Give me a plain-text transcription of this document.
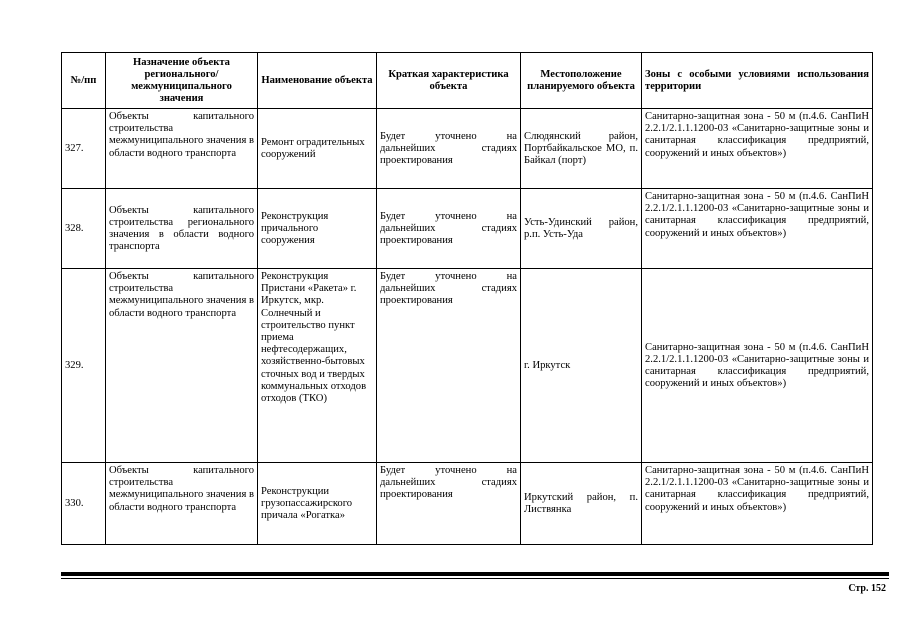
№/пп	Назначение объекта регионального/ межмуниципального значения	Наименование объекта	Краткая характеристика объекта	Местоположение планируемого объекта	Зоны с особыми условиями использования территории
327.	Объекты капитального строительства межмуниципального значения в области водного транспорта	Ремонт оградительных сооружений	Будет уточнено на дальнейших стадиях проектирования	Слюдянский район, Портбайкальское МО, п. Байкал (порт)	Санитарно-защитная зона - 50 м (п.4.6. СанПиН 2.2.1/2.1.1.1200-03 «Санитарно-защитные зоны и санитарная классификация предприятий, сооружений и иных объектов»)
328.	Объекты капитального строительства регионального значения в области водного транспорта	Реконструкция причального сооружения	Будет уточнено на дальнейших стадиях проектирования	Усть-Удинский район, р.п. Усть-Уда	Санитарно-защитная зона - 50 м (п.4.6. СанПиН 2.2.1/2.1.1.1200-03 «Санитарно-защитные зоны и санитарная классификация предприятий, сооружений и иных объектов»)
329.	Объекты капитального строительства межмуниципального значения в области водного транспорта	Реконструкция Пристани «Ракета» г. Иркутск, мкр. Солнечный и строительство пункт приема нефтесодержащих, хозяйственно-бытовых сточных вод и твердых коммунальных отходов отходов (ТКО)	Будет уточнено на дальнейших стадиях проектирования	г. Иркутск	Санитарно-защитная зона - 50 м (п.4.6. СанПиН 2.2.1/2.1.1.1200-03 «Санитарно-защитные зоны и санитарная классификация предприятий, сооружений и иных объектов»)
330.	Объекты капитального строительства межмуниципального значения в области водного транспорта	Реконструкции грузопассажирского причала «Рогатка»	Будет уточнено на дальнейших стадиях проектирования	Иркутский район, п. Листвянка	Санитарно-защитная зона - 50 м (п.4.6. СанПиН 2.2.1/2.1.1.1200-03 «Санитарно-защитные зоны и санитарная классификация предприятий, сооружений и иных объектов»)
Стр. 152
